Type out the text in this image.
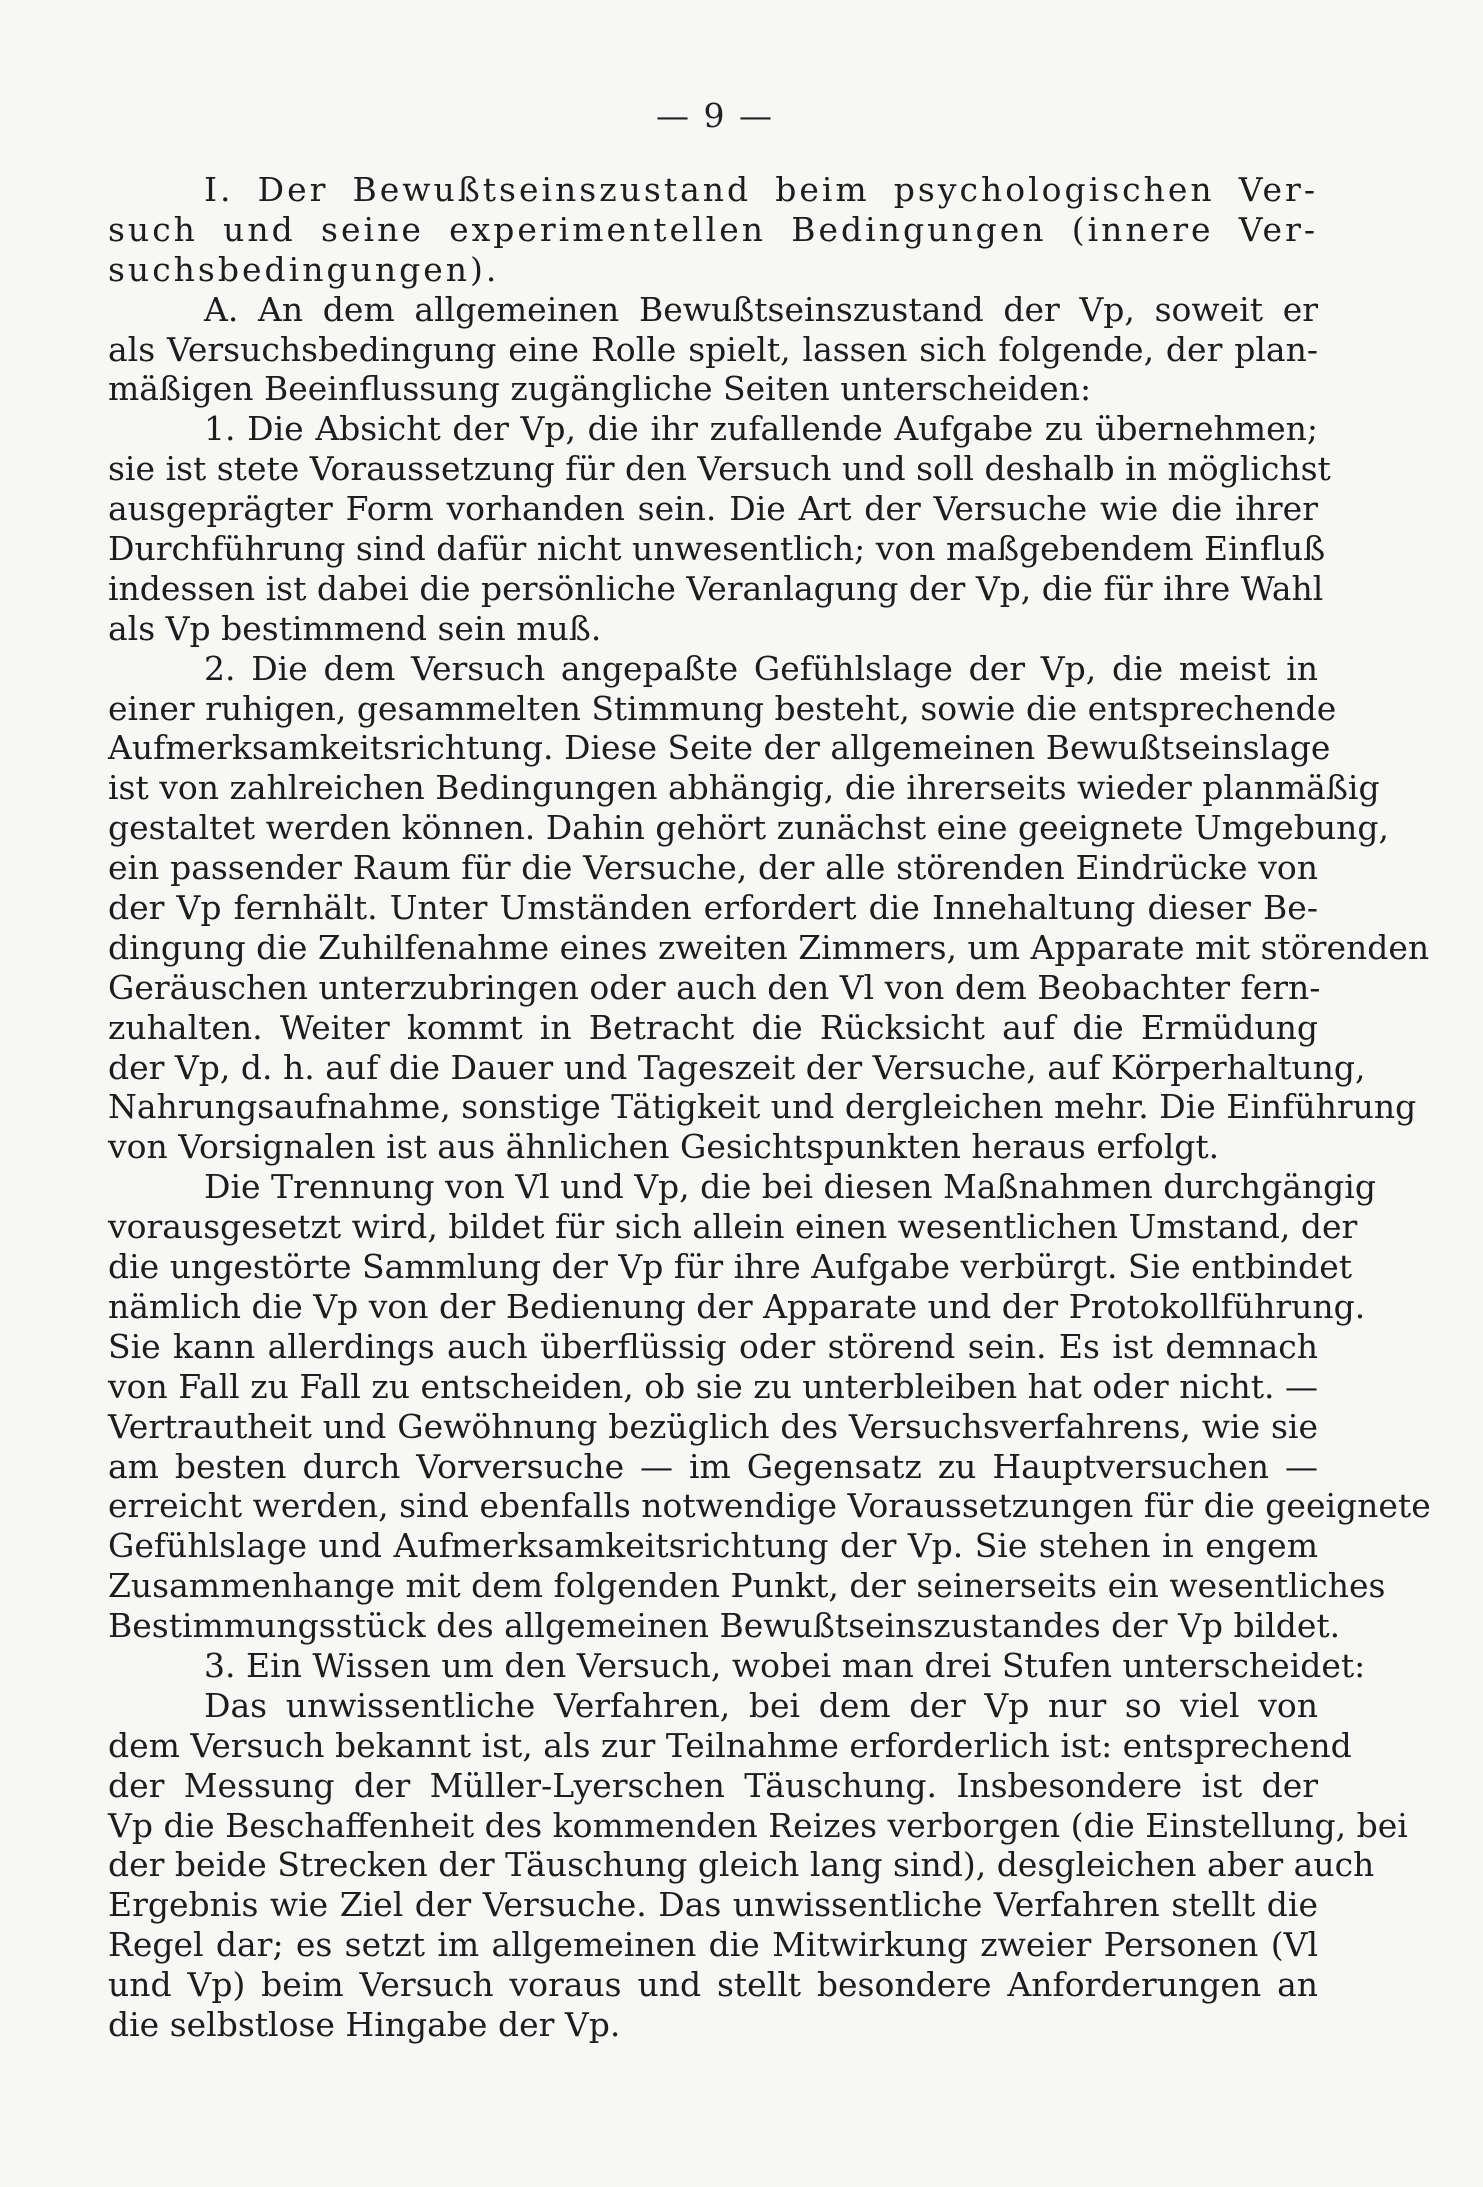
— 9 —
I. Der Bewußtseinszustand beim psychologischen Ver-
such und seine experimentellen Bedingungen (innere Ver-
suchsbedingungen).
A. An dem allgemeinen Bewußtseinszustand der Vp, soweit er
als Versuchsbedingung eine Rolle spielt, lassen sich folgende, der plan-
mäßigen Beeinflussung zugängliche Seiten unterscheiden:
1. Die Absicht der Vp, die ihr zufallende Aufgabe zu übernehmen;
sie ist stete Voraussetzung für den Versuch und soll deshalb in möglichst
ausgeprägter Form vorhanden sein. Die Art der Versuche wie die ihrer
Durchführung sind dafür nicht unwesentlich; von maßgebendem Einfluß
indessen ist dabei die persönliche Veranlagung der Vp, die für ihre Wahl
als Vp bestimmend sein muß.
2. Die dem Versuch angepaßte Gefühlslage der Vp, die meist in
einer ruhigen, gesammelten Stimmung besteht, sowie die entsprechende
Aufmerksamkeitsrichtung. Diese Seite der allgemeinen Bewußtseinslage
ist von zahlreichen Bedingungen abhängig, die ihrerseits wieder planmäßig
gestaltet werden können. Dahin gehört zunächst eine geeignete Umgebung,
ein passender Raum für die Versuche, der alle störenden Eindrücke von
der Vp fernhält. Unter Umständen erfordert die Innehaltung dieser Be-
dingung die Zuhilfenahme eines zweiten Zimmers, um Apparate mit störenden
Geräuschen unterzubringen oder auch den Vl von dem Beobachter fern-
zuhalten. Weiter kommt in Betracht die Rücksicht auf die Ermüdung
der Vp, d. h. auf die Dauer und Tageszeit der Versuche, auf Körperhaltung,
Nahrungsaufnahme, sonstige Tätigkeit und dergleichen mehr. Die Einführung
von Vorsignalen ist aus ähnlichen Gesichtspunkten heraus erfolgt.
Die Trennung von Vl und Vp, die bei diesen Maßnahmen durchgängig
vorausgesetzt wird, bildet für sich allein einen wesentlichen Umstand, der
die ungestörte Sammlung der Vp für ihre Aufgabe verbürgt. Sie entbindet
nämlich die Vp von der Bedienung der Apparate und der Protokollführung.
Sie kann allerdings auch überflüssig oder störend sein. Es ist demnach
von Fall zu Fall zu entscheiden, ob sie zu unterbleiben hat oder nicht. —
Vertrautheit und Gewöhnung bezüglich des Versuchsverfahrens, wie sie
am besten durch Vorversuche — im Gegensatz zu Hauptversuchen —
erreicht werden, sind ebenfalls notwendige Voraussetzungen für die geeignete
Gefühlslage und Aufmerksamkeitsrichtung der Vp. Sie stehen in engem
Zusammenhange mit dem folgenden Punkt, der seinerseits ein wesentliches
Bestimmungsstück des allgemeinen Bewußtseinszustandes der Vp bildet.
3. Ein Wissen um den Versuch, wobei man drei Stufen unterscheidet:
Das unwissentliche Verfahren, bei dem der Vp nur so viel von
dem Versuch bekannt ist, als zur Teilnahme erforderlich ist: entsprechend
der Messung der Müller-Lyerschen Täuschung. Insbesondere ist der
Vp die Beschaffenheit des kommenden Reizes verborgen (die Einstellung, bei
der beide Strecken der Täuschung gleich lang sind), desgleichen aber auch
Ergebnis wie Ziel der Versuche. Das unwissentliche Verfahren stellt die
Regel dar; es setzt im allgemeinen die Mitwirkung zweier Personen (Vl
und Vp) beim Versuch voraus und stellt besondere Anforderungen an
die selbstlose Hingabe der Vp.
